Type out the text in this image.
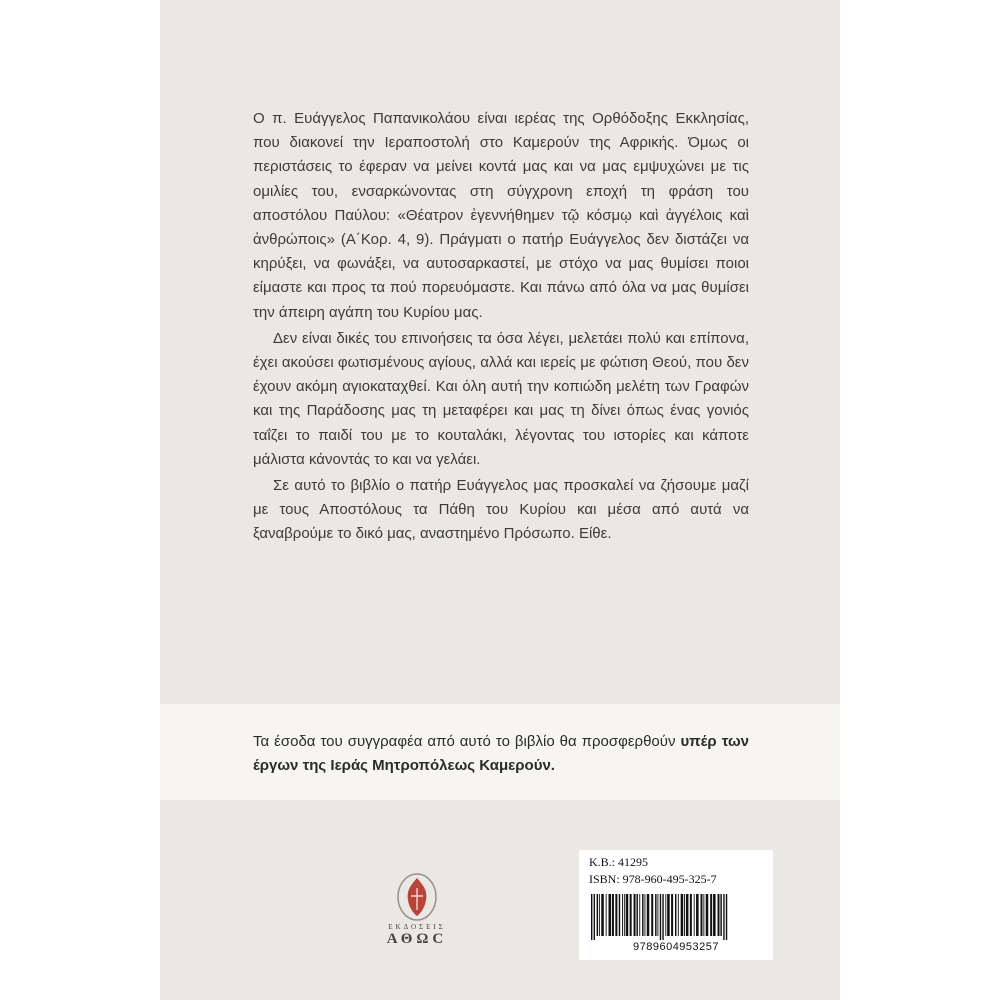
Ο π. Ευάγγελος Παπανικολάου είναι ιερέας της Ορθόδοξης Εκκλησίας, που διακονεί την Ιεραποστολή στο Καμερούν της Αφρικής. Όμως οι περιστάσεις το έφεραν να μείνει κοντά μας και να μας εμψυχώνει με τις ομιλίες του, ενσαρκώνοντας στη σύγχρονη εποχή τη φράση του αποστόλου Παύλου: «Θέατρον ἐγεννήθημεν τῷ κόσμῳ καὶ ἀγγέλοις καὶ ἀνθρώποις» (Α΄Κορ. 4, 9). Πράγματι ο πατήρ Ευάγγελος δεν διστάζει να κηρύξει, να φωνάξει, να αυτοσαρκαστεί, με στόχο να μας θυμίσει ποιοι είμαστε και προς τα πού πορευόμαστε. Και πάνω από όλα να μας θυμίσει την άπειρη αγάπη του Κυρίου μας.

Δεν είναι δικές του επινοήσεις τα όσα λέγει, μελετάει πολύ και επίπονα, έχει ακούσει φωτισμένους αγίους, αλλά και ιερείς με φώτιση Θεού, που δεν έχουν ακόμη αγιοκαταχθεί. Και όλη αυτή την κοπιώδη μελέτη των Γραφών και της Παράδοσης μας τη μεταφέρει και μας τη δίνει όπως ένας γονιός ταΐζει το παιδί του με το κουταλάκι, λέγοντας του ιστορίες και κάποτε μάλιστα κάνοντάς το και να γελάει.

Σε αυτό το βιβλίο ο πατήρ Ευάγγελος μας προσκαλεί να ζήσουμε μαζί με τους Αποστόλους τα Πάθη του Κυρίου και μέσα από αυτά να ξαναβρούμε το δικό μας, αναστημένο Πρόσωπο. Είθε.

Τα έσοδα του συγγραφέα από αυτό το βιβλίο θα προσφερθούν υπέρ των έργων της Ιεράς Μητροπόλεως Καμερούν.
ΕΚΔΟΣΕΙΣ
ΑΘΩC
Κ.Β.: 41295
ISBN: 978-960-495-325-7
9789604953257
